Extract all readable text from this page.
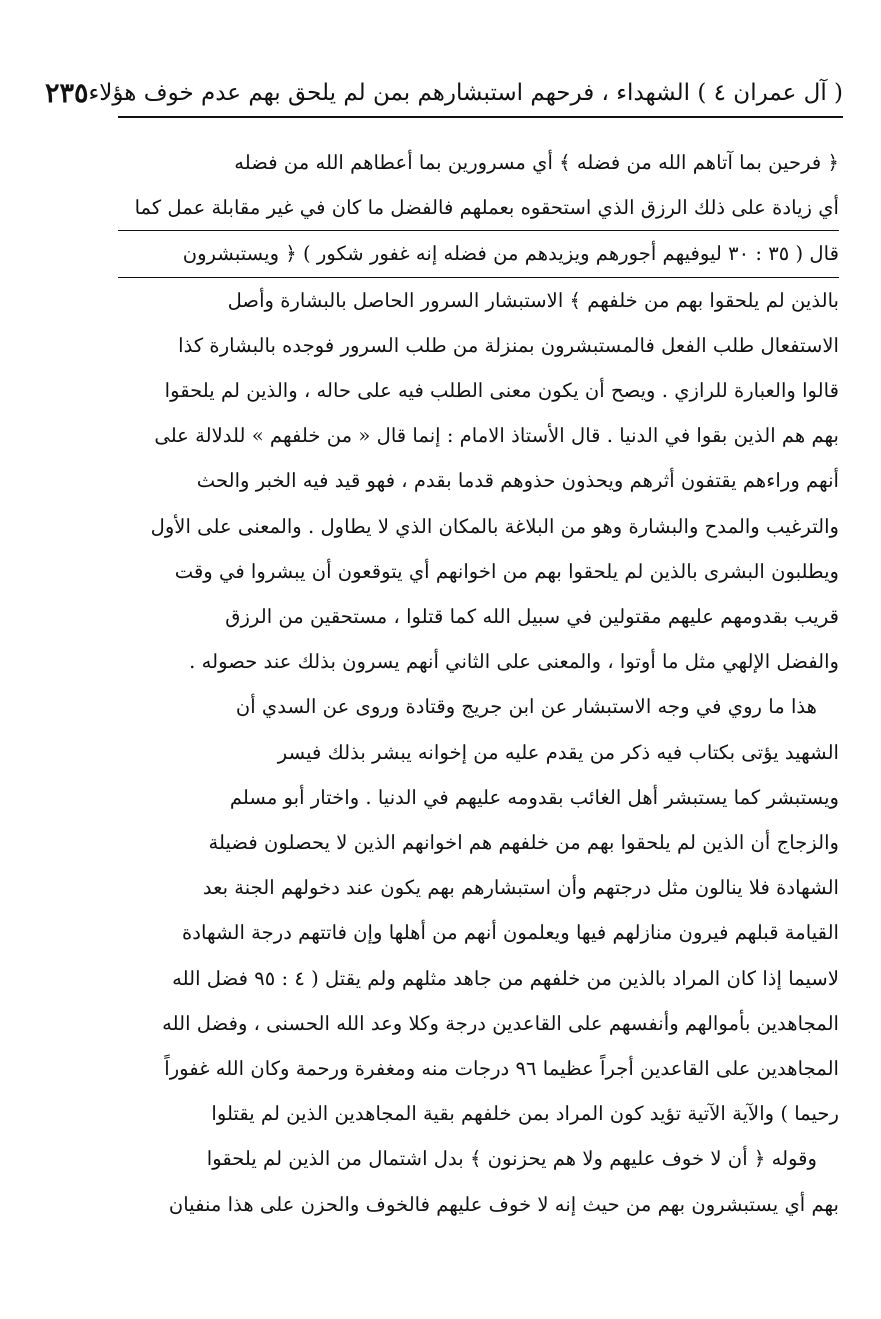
( آل عمران ٤ ) الشهداء ، فرحهم استبشارهم بمن لم يلحق بهم عدم خوف هؤلاء
٢٣٥

﴿ فرحين بما آتاهم الله من فضله ﴾ أي مسرورين بما أعطاهم الله من فضله

أي زيادة على ذلك الرزق الذي استحقوه بعملهم فالفضل ما كان في غير مقابلة عمل كما

قال ( ٣٥ : ٣٠ ليوفيهم أجورهم ويزيدهم من فضله إنه غفور شكور ) ﴿ ويستبشرون

بالذين لم يلحقوا بهم من خلفهم ﴾ الاستبشار السرور الحاصل بالبشارة وأصل

الاستفعال طلب الفعل فالمستبشرون بمنزلة من طلب السرور فوجده بالبشارة كذا

قالوا والعبارة للرازي . ويصح أن يكون معنى الطلب فيه على حاله ، والذين لم يلحقوا

بهم هم الذين بقوا في الدنيا . قال الأستاذ الامام : إنما قال « من خلفهم » للدلالة على

أنهم وراءهم يقتفون أثرهم ويحذون حذوهم قدما بقدم ، فهو قيد فيه الخبر والحث

والترغيب والمدح والبشارة وهو من البلاغة بالمكان الذي لا يطاول . والمعنى على الأول

ويطلبون البشرى بالذين لم يلحقوا بهم من اخوانهم أي يتوقعون أن يبشروا في وقت

قريب بقدومهم عليهم مقتولين في سبيل الله كما قتلوا ، مستحقين من الرزق

والفضل الإلهي مثل ما أوتوا ، والمعنى على الثاني أنهم يسرون بذلك عند حصوله .

هذا ما روي في وجه الاستبشار عن ابن جريج وقتادة وروى عن السدي أن

الشهيد يؤتى بكتاب فيه ذكر من يقدم عليه من إخوانه يبشر بذلك فيسر

ويستبشر كما يستبشر أهل الغائب بقدومه عليهم في الدنيا . واختار أبو مسلم

والزجاج أن الذين لم يلحقوا بهم من خلفهم هم اخوانهم الذين لا يحصلون فضيلة

الشهادة فلا ينالون مثل درجتهم وأن استبشارهم بهم يكون عند دخولهم الجنة بعد

القيامة قبلهم فيرون منازلهم فيها ويعلمون أنهم من أهلها وإن فاتتهم درجة الشهادة

لاسيما إذا كان المراد بالذين من خلفهم من جاهد مثلهم ولم يقتل ( ٤ : ٩٥ فضل الله

المجاهدين بأموالهم وأنفسهم على القاعدين درجة وكلا وعد الله الحسنى ، وفضل الله

المجاهدين على القاعدين أجراً عظيما ٩٦ درجات منه ومغفرة ورحمة وكان الله غفوراً

رحيما ) والآية الآتية تؤيد كون المراد بمن خلفهم بقية المجاهدين الذين لم يقتلوا

وقوله ﴿ أن لا خوف عليهم ولا هم يحزنون ﴾ بدل اشتمال من الذين لم يلحقوا

بهم أي يستبشرون بهم من حيث إنه لا خوف عليهم فالخوف والحزن على هذا منفيان
